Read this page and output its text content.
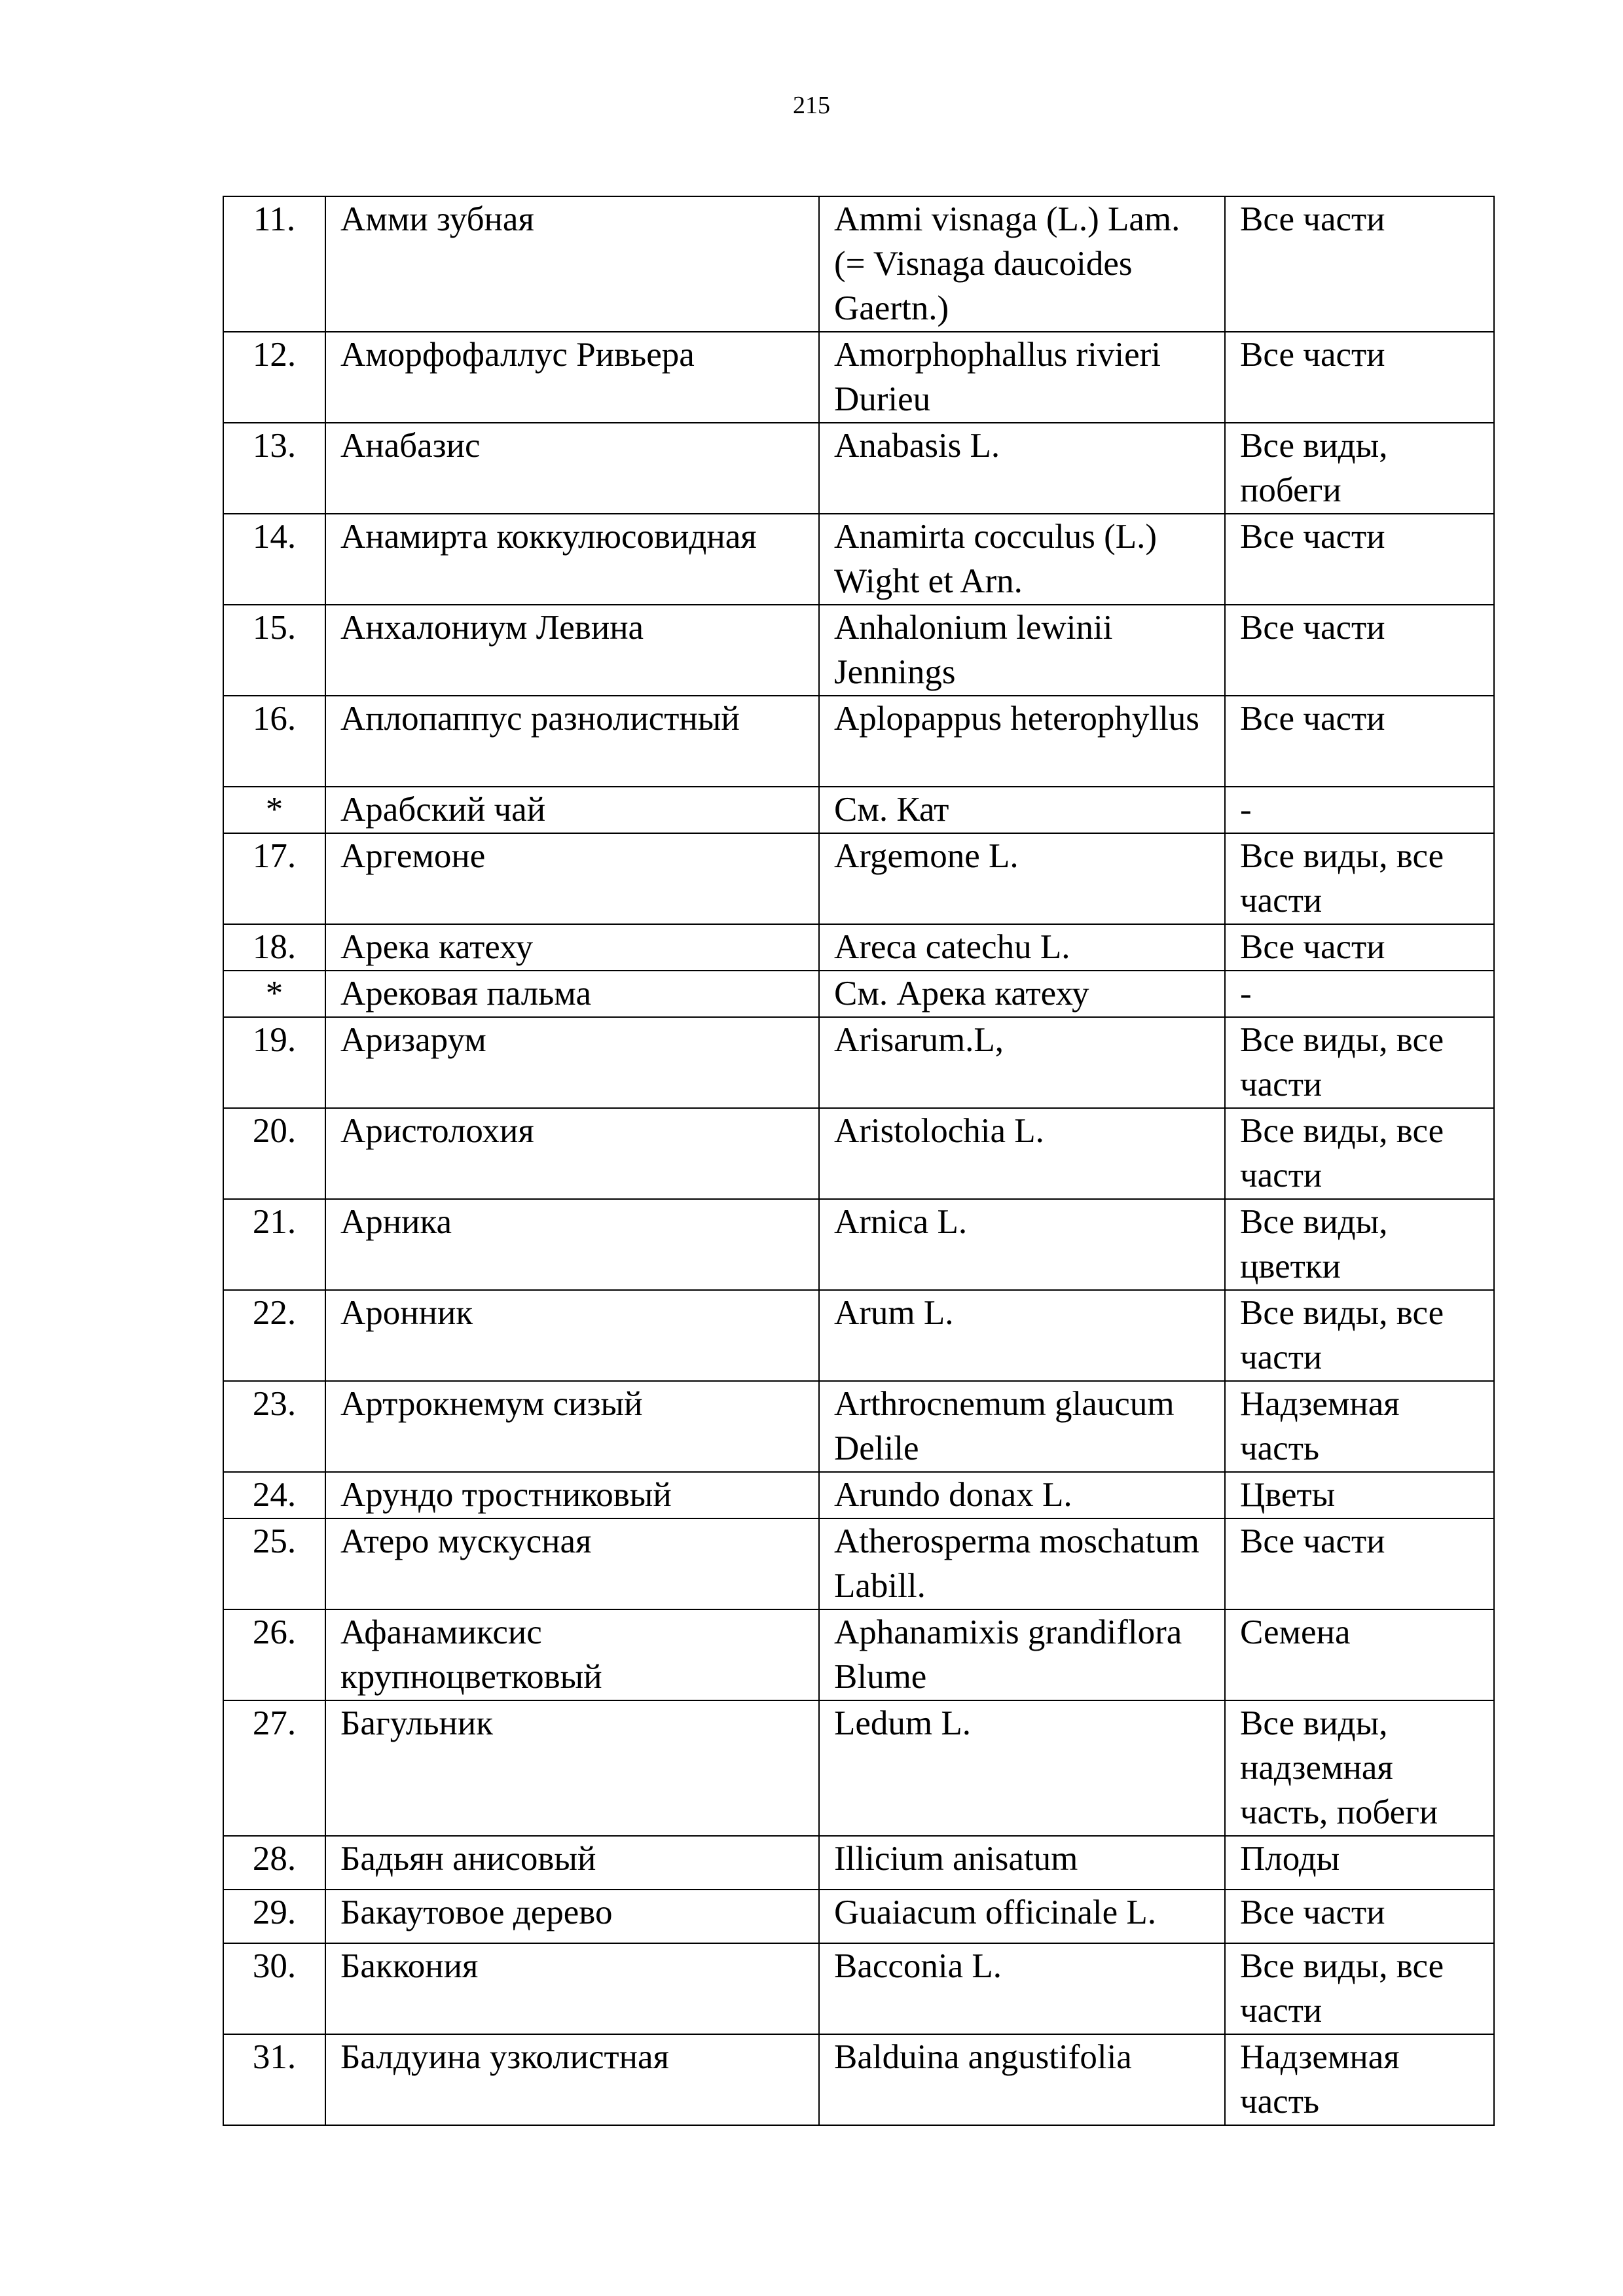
215
11.	Амми зубная	Ammi visnaga (L.) Lam. (= Visnaga daucoides Gaertn.)	Все части
12.	Аморфофаллус Ривьера	Amorphophallus rivieri Durieu	Все части
13.	Анабазис	Anabasis L.	Все виды, побеги
14.	Анамирта коккулюсовидная	Anamirta cocculus (L.) Wight et Arn.	Все части
15.	Анхалониум Левина	Anhalonium lewinii Jennings	Все части
16.	Аплопаппус разнолистный	Aplopappus heterophyllus	Все части
*	Арабский чай	См. Кат	-
17.	Аргемоне	Argemone L.	Все виды, все части
18.	Арека катеху	Areca catechu L.	Все части
*	Арековая пальма	См. Арека катеху	-
19.	Аризарум	Arisarum.L,	Все виды, все части
20.	Аристолохия	Aristolochia L.	Все виды, все части
21.	Арника	Arnica L.	Все виды, цветки
22.	Аронник	Arum L.	Все виды, все части
23.	Артрокнемум сизый	Arthrocnemum glaucum Delile	Надземная часть
24.	Арундо тростниковый	Arundo donax L.	Цветы
25.	Атеро мускусная	Atherosperma moschatum Labill.	Все части
26.	Афанамиксис крупноцветковый	Aphanamixis grandiflora Blume	Семена
27.	Багульник	Ledum L.	Все виды, надземная часть, побеги
28.	Бадьян анисовый	Illicium anisatum	Плоды
29.	Бакаутовое дерево	Guaiacum officinale L.	Все части
30.	Баккония	Bacconia L.	Все виды, все части
31.	Балдуина узколистная	Balduina angustifolia	Надземная часть
